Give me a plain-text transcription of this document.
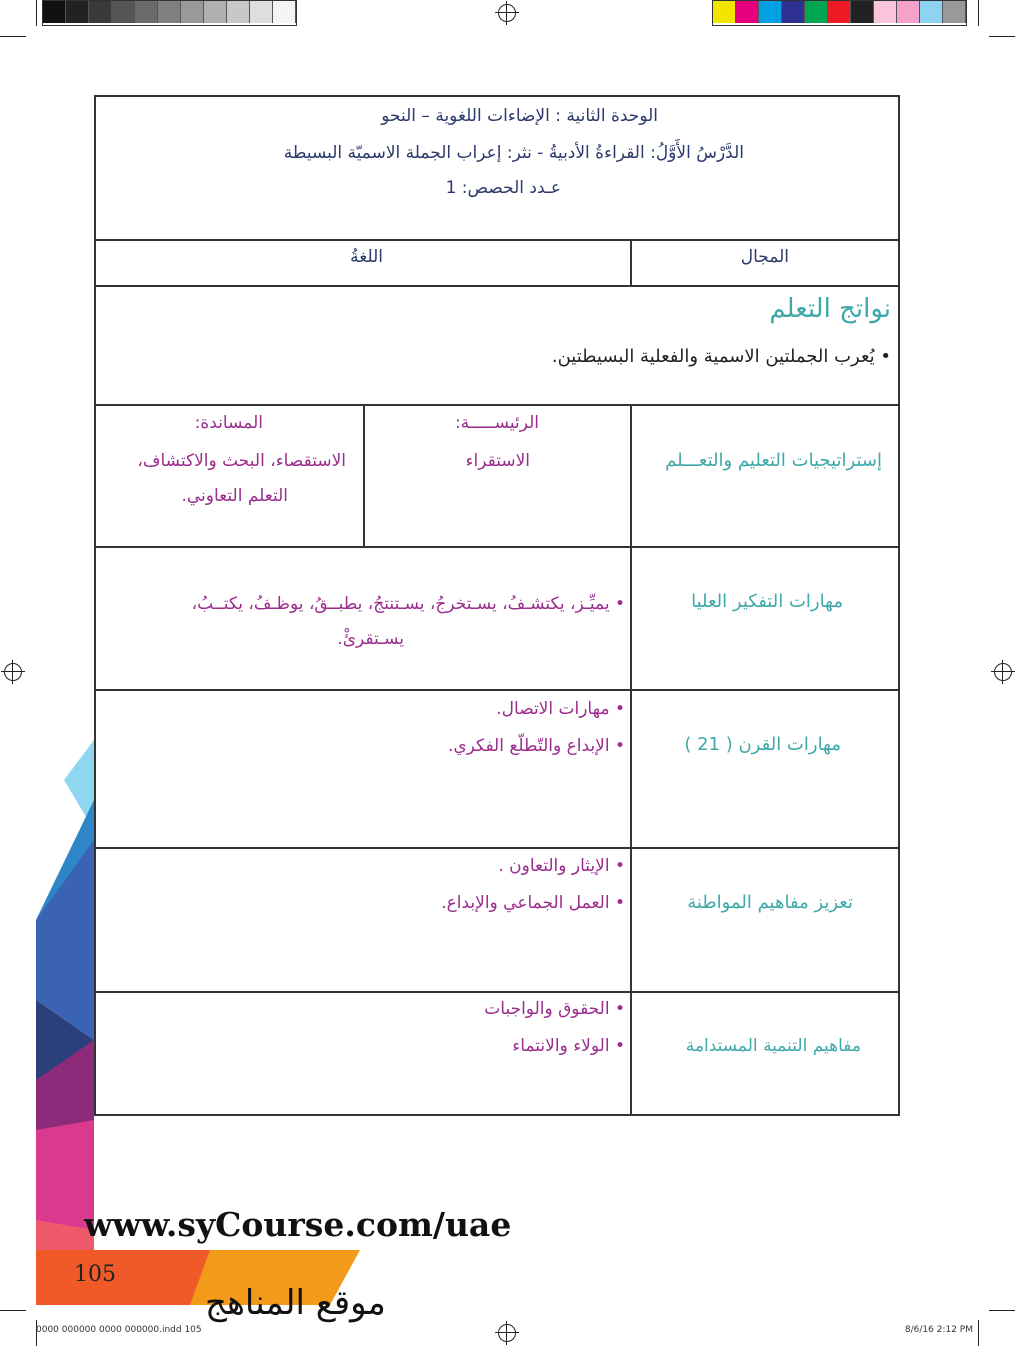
الوحدة الثانية : الإضاءات اللغوية – النحو
الدَّرْسُ الأَوَّلُ: القراءةُ الأدبيةُ - نثر: إعراب الجملة الاسميّة البسيطة
عـدد الحصص: 1
المجال
اللغةُ
نواتج التعلم
• يُعرب الجملتين الاسمية والفعلية البسيطتين.
إستراتيجيات التعليم والتعـــلم
الرئيســـــة:
الاستقراء
المساندة:
الاستقصاء، البحث والاكتشاف،
التعلم التعاوني.
مهارات التفكير العليا
• يميِّـز، يكتشـفُ، يسـتخرجُ، يسـتنتجُ، يطبــقُ، يوظـفُ، يكتــبُ،
يسـتقرئْ.
مهارات القرن ( 21 )
• مهارات الاتصال.
• الإبداع والتّطلّع الفكري.
تعزيز مفاهيم المواطنة
• الإيثار والتعاون .
• العمل الجماعي والإبداع.
مفاهيم التنمية المستدامة
• الحقوق والواجبات
• الولاء والانتماء
www.syCourse.com/uae
105
موقع المناهج
0000 000000 0000 000000.indd 105	8/6/16 2:12 PM
